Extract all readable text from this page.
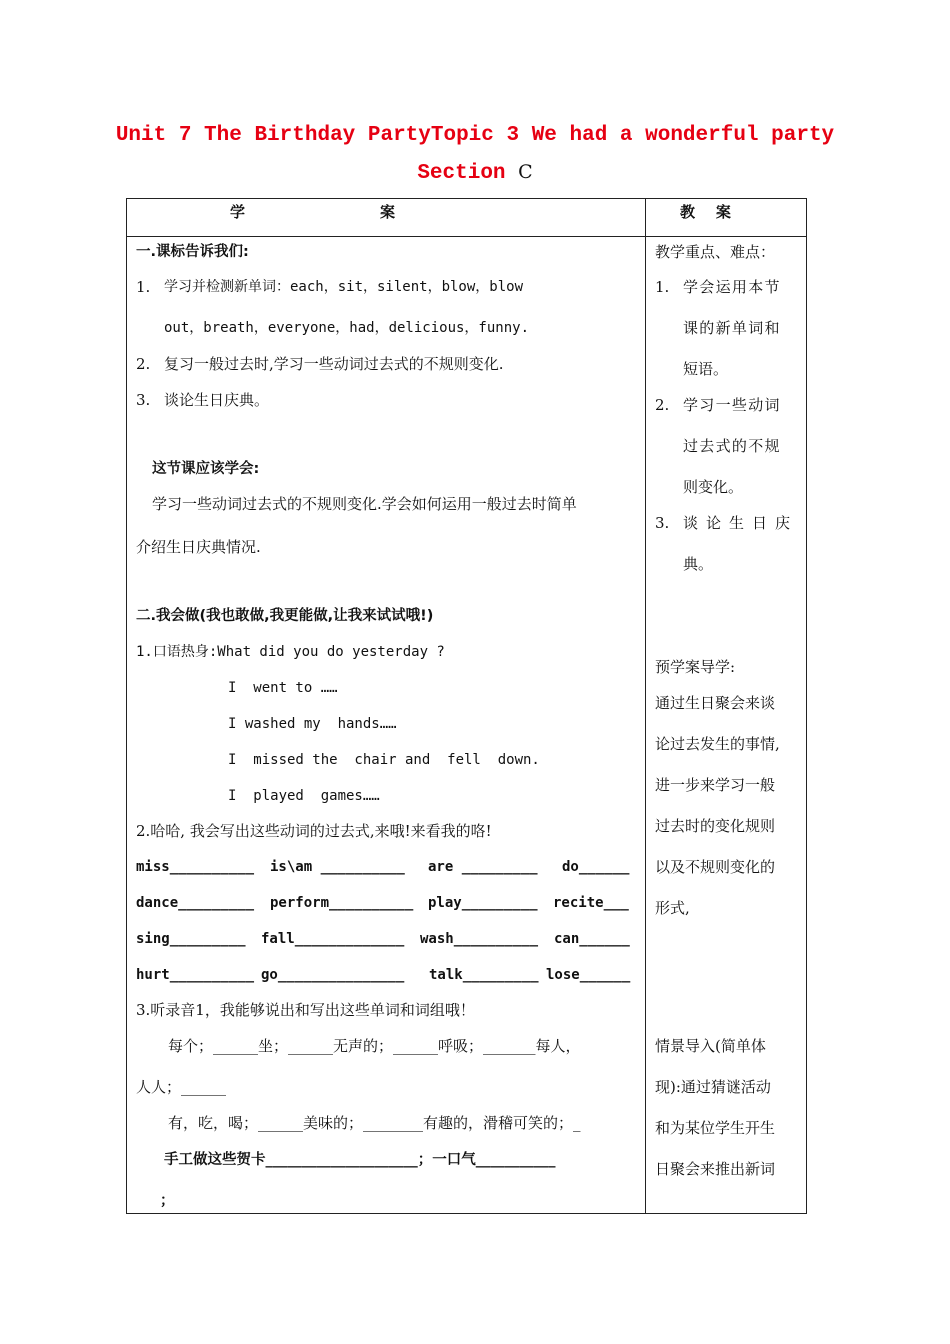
Unit 7 The Birthday PartyTopic 3 We had a wonderful party
Section C
学	案	教    案
一.课标告诉我们:
1. 学习并检测新单词：each，sit，silent，blow，blow
out，breath，everyone，had，delicious，funny.
2. 复习一般过去时,学习一些动词过去式的不规则变化.
3. 谈论生日庆典。
这节课应该学会:
学习一些动词过去式的不规则变化.学会如何运用一般过去时简单
介绍生日庆典情况.
二.我会做(我也敢做,我更能做,让我来试试哦!)
1.口语热身:What did you do yesterday ?
I  went to ……
I washed my  hands……
I  missed the  chair and  fell  down.
I  played  games……
2.哈哈, 我会写出这些动词的过去式,来哦!来看我的咯!
miss__________ is\am __________ are _________ do______
dance_________ perform__________ play_________ recite___
sing_________ fall_____________ wash__________ can______
hurt__________ go_______________ talk_________ lose______
3.听录音1，我能够说出和写出这些单词和词组哦！
每个；______坐；______无声的；______呼吸；_______每人，
人人；______
有，吃，喝；______美味的；________有趣的，滑稽可笑的；_
手工做这些贺卡_____________________；一口气___________
；
教学重点、难点：
1. 学会运用本节
课的新单词和
短语。
2. 学习一些动词
过去式的不规
则变化。
3. 谈论生日庆
典。
预学案导学:
通过生日聚会来谈
论过去发生的事情,
进一步来学习一般
过去时的变化规则
以及不规则变化的
形式,
情景导入(简单体
现):通过猜谜活动
和为某位学生开生
日聚会来推出新词
